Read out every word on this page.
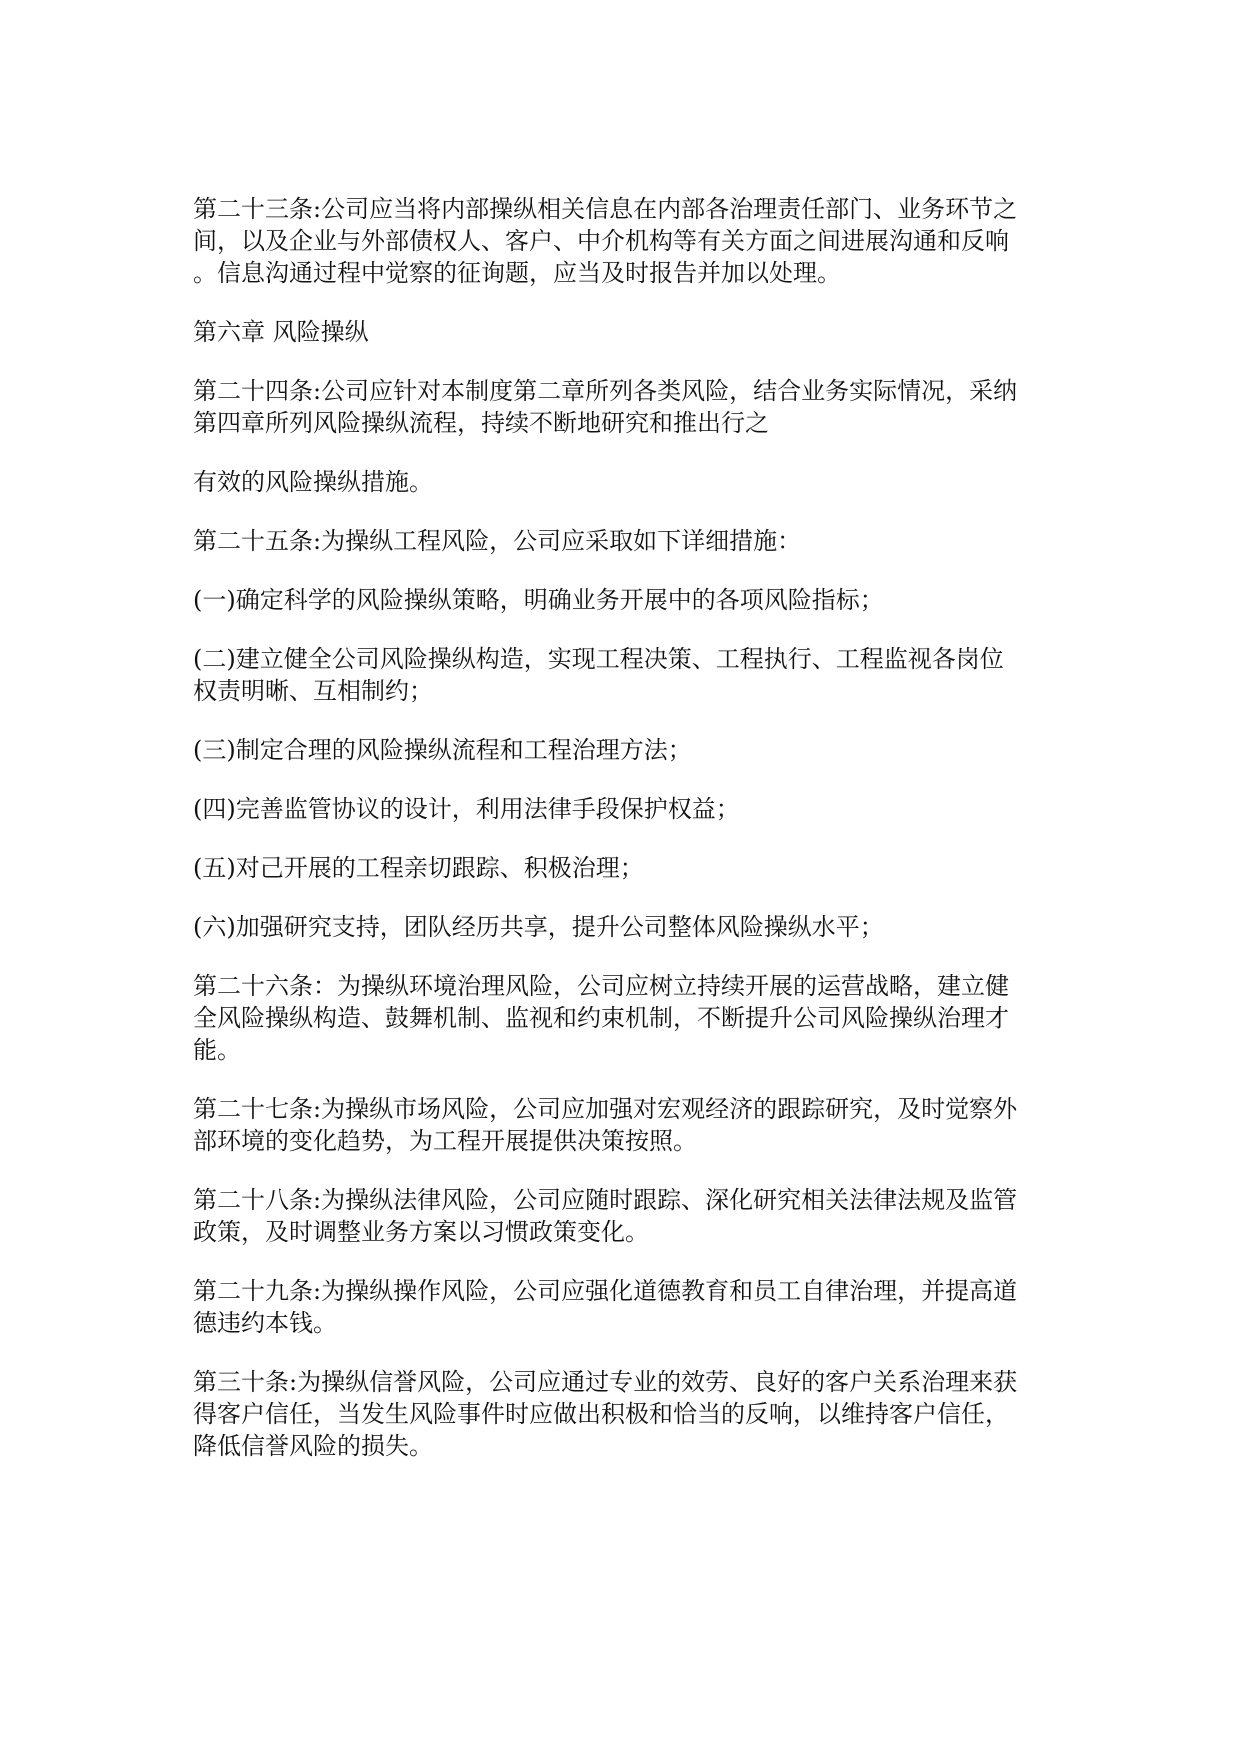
第二十三条:公司应当将内部操纵相关信息在内部各治理责任部门、业务环节之
间，以及企业与外部债权人、客户、中介机构等有关方面之间进展沟通和反响
。信息沟通过程中觉察的征询题，应当及时报告并加以处理。

第六章 风险操纵

第二十四条:公司应针对本制度第二章所列各类风险，结合业务实际情况，采纳
第四章所列风险操纵流程，持续不断地研究和推出行之

有效的风险操纵措施。

第二十五条:为操纵工程风险，公司应采取如下详细措施：

(一)确定科学的风险操纵策略，明确业务开展中的各项风险指标；

(二)建立健全公司风险操纵构造，实现工程决策、工程执行、工程监视各岗位
权责明晰、互相制约；

(三)制定合理的风险操纵流程和工程治理方法；

(四)完善监管协议的设计，利用法律手段保护权益；

(五)对己开展的工程亲切跟踪、积极治理；

(六)加强研究支持，团队经历共享，提升公司整体风险操纵水平；

第二十六条：为操纵环境治理风险，公司应树立持续开展的运营战略，建立健
全风险操纵构造、鼓舞机制、监视和约束机制，不断提升公司风险操纵治理才
能。

第二十七条:为操纵市场风险，公司应加强对宏观经济的跟踪研究，及时觉察外
部环境的变化趋势，为工程开展提供决策按照。

第二十八条:为操纵法律风险，公司应随时跟踪、深化研究相关法律法规及监管
政策，及时调整业务方案以习惯政策变化。

第二十九条:为操纵操作风险，公司应强化道德教育和员工自律治理，并提高道
德违约本钱。

第三十条:为操纵信誉风险，公司应通过专业的效劳、良好的客户关系治理来获
得客户信任，当发生风险事件时应做出积极和恰当的反响，以维持客户信任，
降低信誉风险的损失。
